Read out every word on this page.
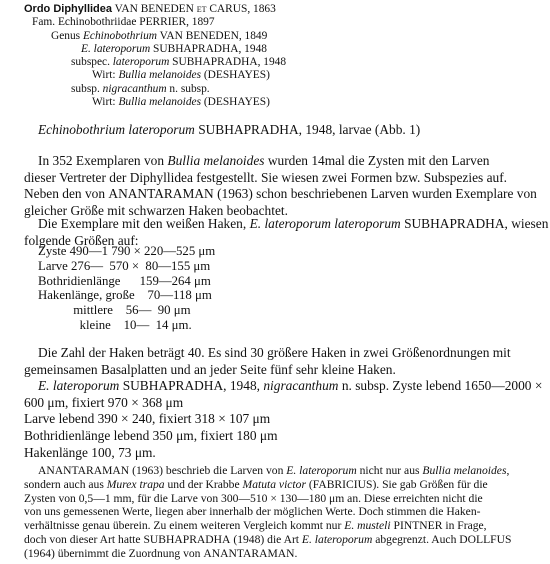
Ordo Diphyllidea VAN BENEDEN et CARUS, 1863
Fam. Echinobothriidae PERRIER, 1897
Genus Echinobothrium VAN BENEDEN, 1849
E. lateroporum SUBHAPRADHA, 1948
subspec. lateroporum SUBHAPRADHA, 1948
Wirt: Bullia melanoides (DESHAYES)
subsp. nigracanthum n. subsp.
Wirt: Bullia melanoides (DESHAYES)
Echinobothrium lateroporum SUBHAPRADHA, 1948, larvae (Abb. 1)
In 352 Exemplaren von Bullia melanoides wurden 14mal die Zysten mit den Larven
dieser Vertreter der Diphyllidea festgestellt. Sie wiesen zwei Formen bzw. Subspezies auf.
Neben den von ANANTARAMAN (1963) schon beschriebenen Larven wurden Exemplare von
gleicher Größe mit schwarzen Haken beobachtet.
Die Exemplare mit den weißen Haken, E. lateroporum lateroporum SUBHAPRADHA, wiesen
folgende Größen auf:
Zyste 490—1 790 × 220—525 μm
Larve 276—  570 ×  80—155 μm
Bothridienlänge      159—264 μm
Hakenlänge, große    70—118 μm
mittlere    56—  90 μm
kleine    10—  14 μm.
Die Zahl der Haken beträgt 40. Es sind 30 größere Haken in zwei Größenordnungen mit
gemeinsamen Basalplatten und an jeder Seite fünf sehr kleine Haken.
E. lateroporum SUBHAPRADHA, 1948, nigracanthum n. subsp. Zyste lebend 1650—2000 ×
600 μm, fixiert 970 × 368 μm
Larve lebend 390 × 240, fixiert 318 × 107 μm
Bothridienlänge lebend 350 μm, fixiert 180 μm
Hakenlänge 100, 73 μm.
ANANTARAMAN (1963) beschrieb die Larven von E. lateroporum nicht nur aus Bullia melanoides,
sondern auch aus Murex trapa und der Krabbe Matuta victor (FABRICIUS). Sie gab Größen für die
Zysten von 0,5—1 mm, für die Larve von 300—510 × 130—180 μm an. Diese erreichten nicht die
von uns gemessenen Werte, liegen aber innerhalb der möglichen Werte. Doch stimmen die Haken-
verhältnisse genau überein. Zu einem weiteren Vergleich kommt nur E. musteli PINTNER in Frage,
doch von dieser Art hatte SUBHAPRADHA (1948) die Art E. lateroporum abgegrenzt. Auch DOLLFUS
(1964) übernimmt die Zuordnung von ANANTARAMAN.
